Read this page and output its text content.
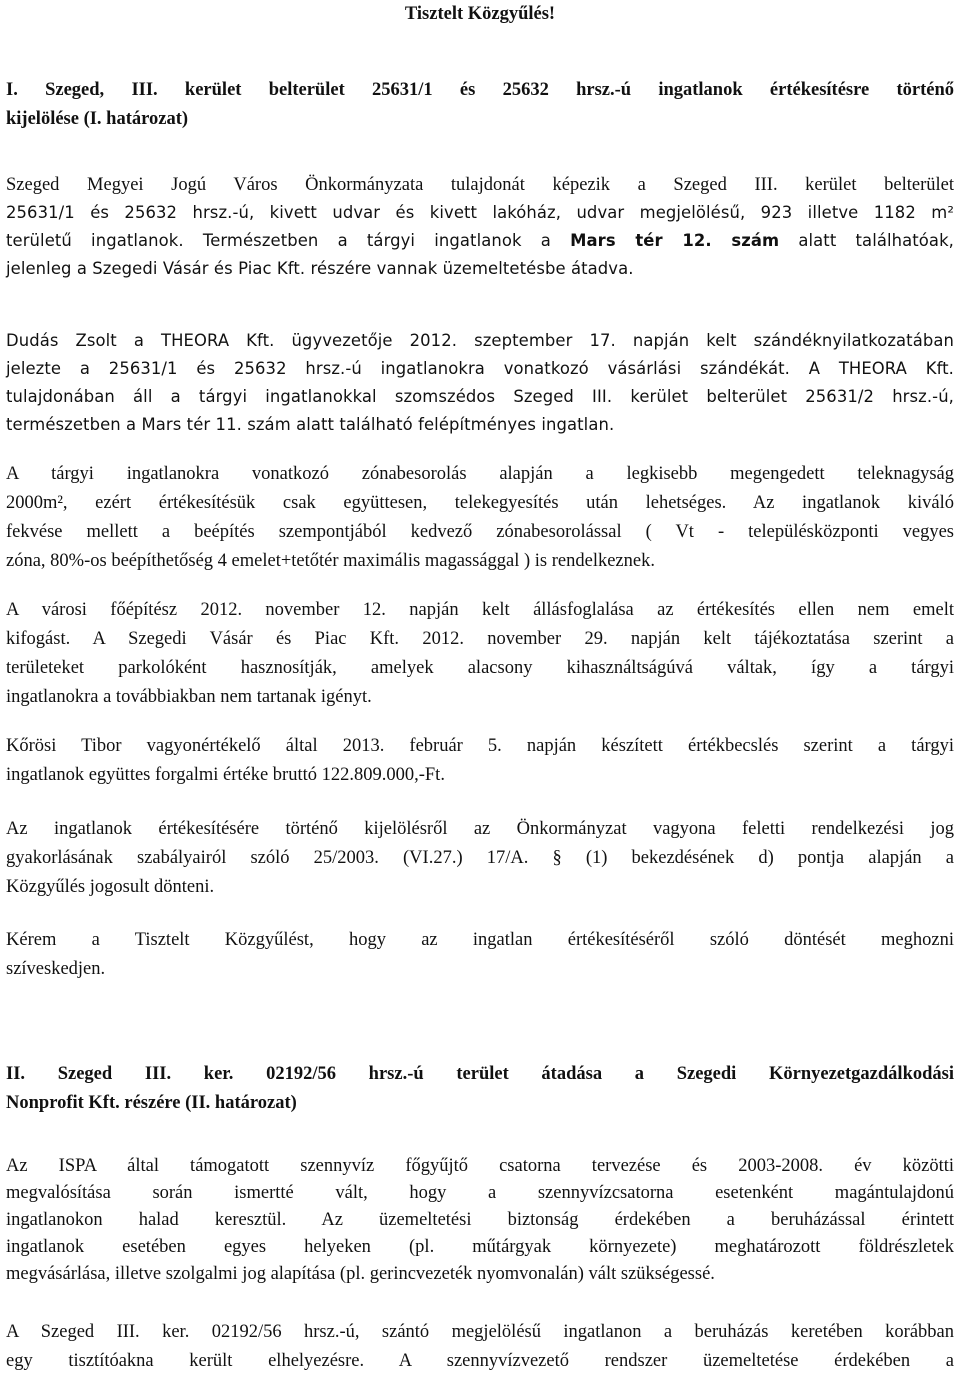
Tisztelt Közgyűlés!
I. Szeged, III. kerület belterület 25631/1 és 25632 hrsz.-ú ingatlanok értékesítésre történő
kijelölése (I. határozat)
Szeged Megyei Jogú Város Önkormányzata tulajdonát képezik a Szeged III. kerület belterület
25631/1 és 25632 hrsz.-ú, kivett udvar és kivett lakóház, udvar megjelölésű, 923 illetve 1182 m²
területű ingatlanok. Természetben a tárgyi ingatlanok a Mars tér 12. szám alatt találhatóak,
jelenleg a Szegedi Vásár és Piac Kft. részére vannak üzemeltetésbe átadva.
Dudás Zsolt a THEORA Kft. ügyvezetője 2012. szeptember 17. napján kelt szándéknyilatkozatában
jelezte a 25631/1 és 25632 hrsz.-ú ingatlanokra vonatkozó vásárlási szándékát. A THEORA Kft.
tulajdonában áll a tárgyi ingatlanokkal szomszédos Szeged III. kerület belterület 25631/2 hrsz.-ú,
természetben a Mars tér 11. szám alatt található felépítményes ingatlan.
A tárgyi ingatlanokra vonatkozó zónabesorolás alapján a legkisebb megengedett teleknagyság
2000m², ezért értékesítésük csak együttesen, telekegyesítés után lehetséges. Az ingatlanok kiváló
fekvése mellett a beépítés szempontjából kedvező zónabesorolással ( Vt - településközponti vegyes
zóna, 80%-os beépíthetőség 4 emelet+tetőtér maximális magassággal ) is rendelkeznek.
A városi főépítész 2012. november 12. napján kelt állásfoglalása az értékesítés ellen nem emelt
kifogást. A Szegedi Vásár és Piac Kft. 2012. november 29. napján kelt tájékoztatása szerint a
területeket parkolóként hasznosítják, amelyek alacsony kihasználtságúvá váltak, így a tárgyi
ingatlanokra a továbbiakban nem tartanak igényt.
Kőrösi Tibor vagyonértékelő által 2013. február 5. napján készített értékbecslés szerint a tárgyi
ingatlanok együttes forgalmi értéke bruttó 122.809.000,-Ft.
Az ingatlanok értékesítésére történő kijelölésről az Önkormányzat vagyona feletti rendelkezési jog
gyakorlásának szabályairól szóló 25/2003. (VI.27.) 17/A. § (1) bekezdésének d) pontja alapján a
Közgyűlés jogosult dönteni.
Kérem a Tisztelt Közgyűlést, hogy az ingatlan értékesítéséről szóló döntését meghozni
szíveskedjen.
II. Szeged III. ker. 02192/56 hrsz.-ú terület átadása a Szegedi Környezetgazdálkodási
Nonprofit Kft. részére (II. határozat)
Az ISPA által támogatott szennyvíz főgyűjtő csatorna tervezése és 2003-2008. év közötti
megvalósítása során ismertté vált, hogy a szennyvízcsatorna esetenként magántulajdonú
ingatlanokon halad keresztül. Az üzemeltetési biztonság érdekében a beruházással érintett
ingatlanok esetében egyes helyeken (pl. műtárgyak környezete) meghatározott földrészletek
megvásárlása, illetve szolgalmi jog alapítása (pl. gerincvezeték nyomvonalán) vált szükségessé.
A Szeged III. ker. 02192/56 hrsz.-ú, szántó megjelölésű ingatlanon a beruházás keretében korábban
egy tisztítóakna került elhelyezésre. A szennyvízvezető rendszer üzemeltetése érdekében a
